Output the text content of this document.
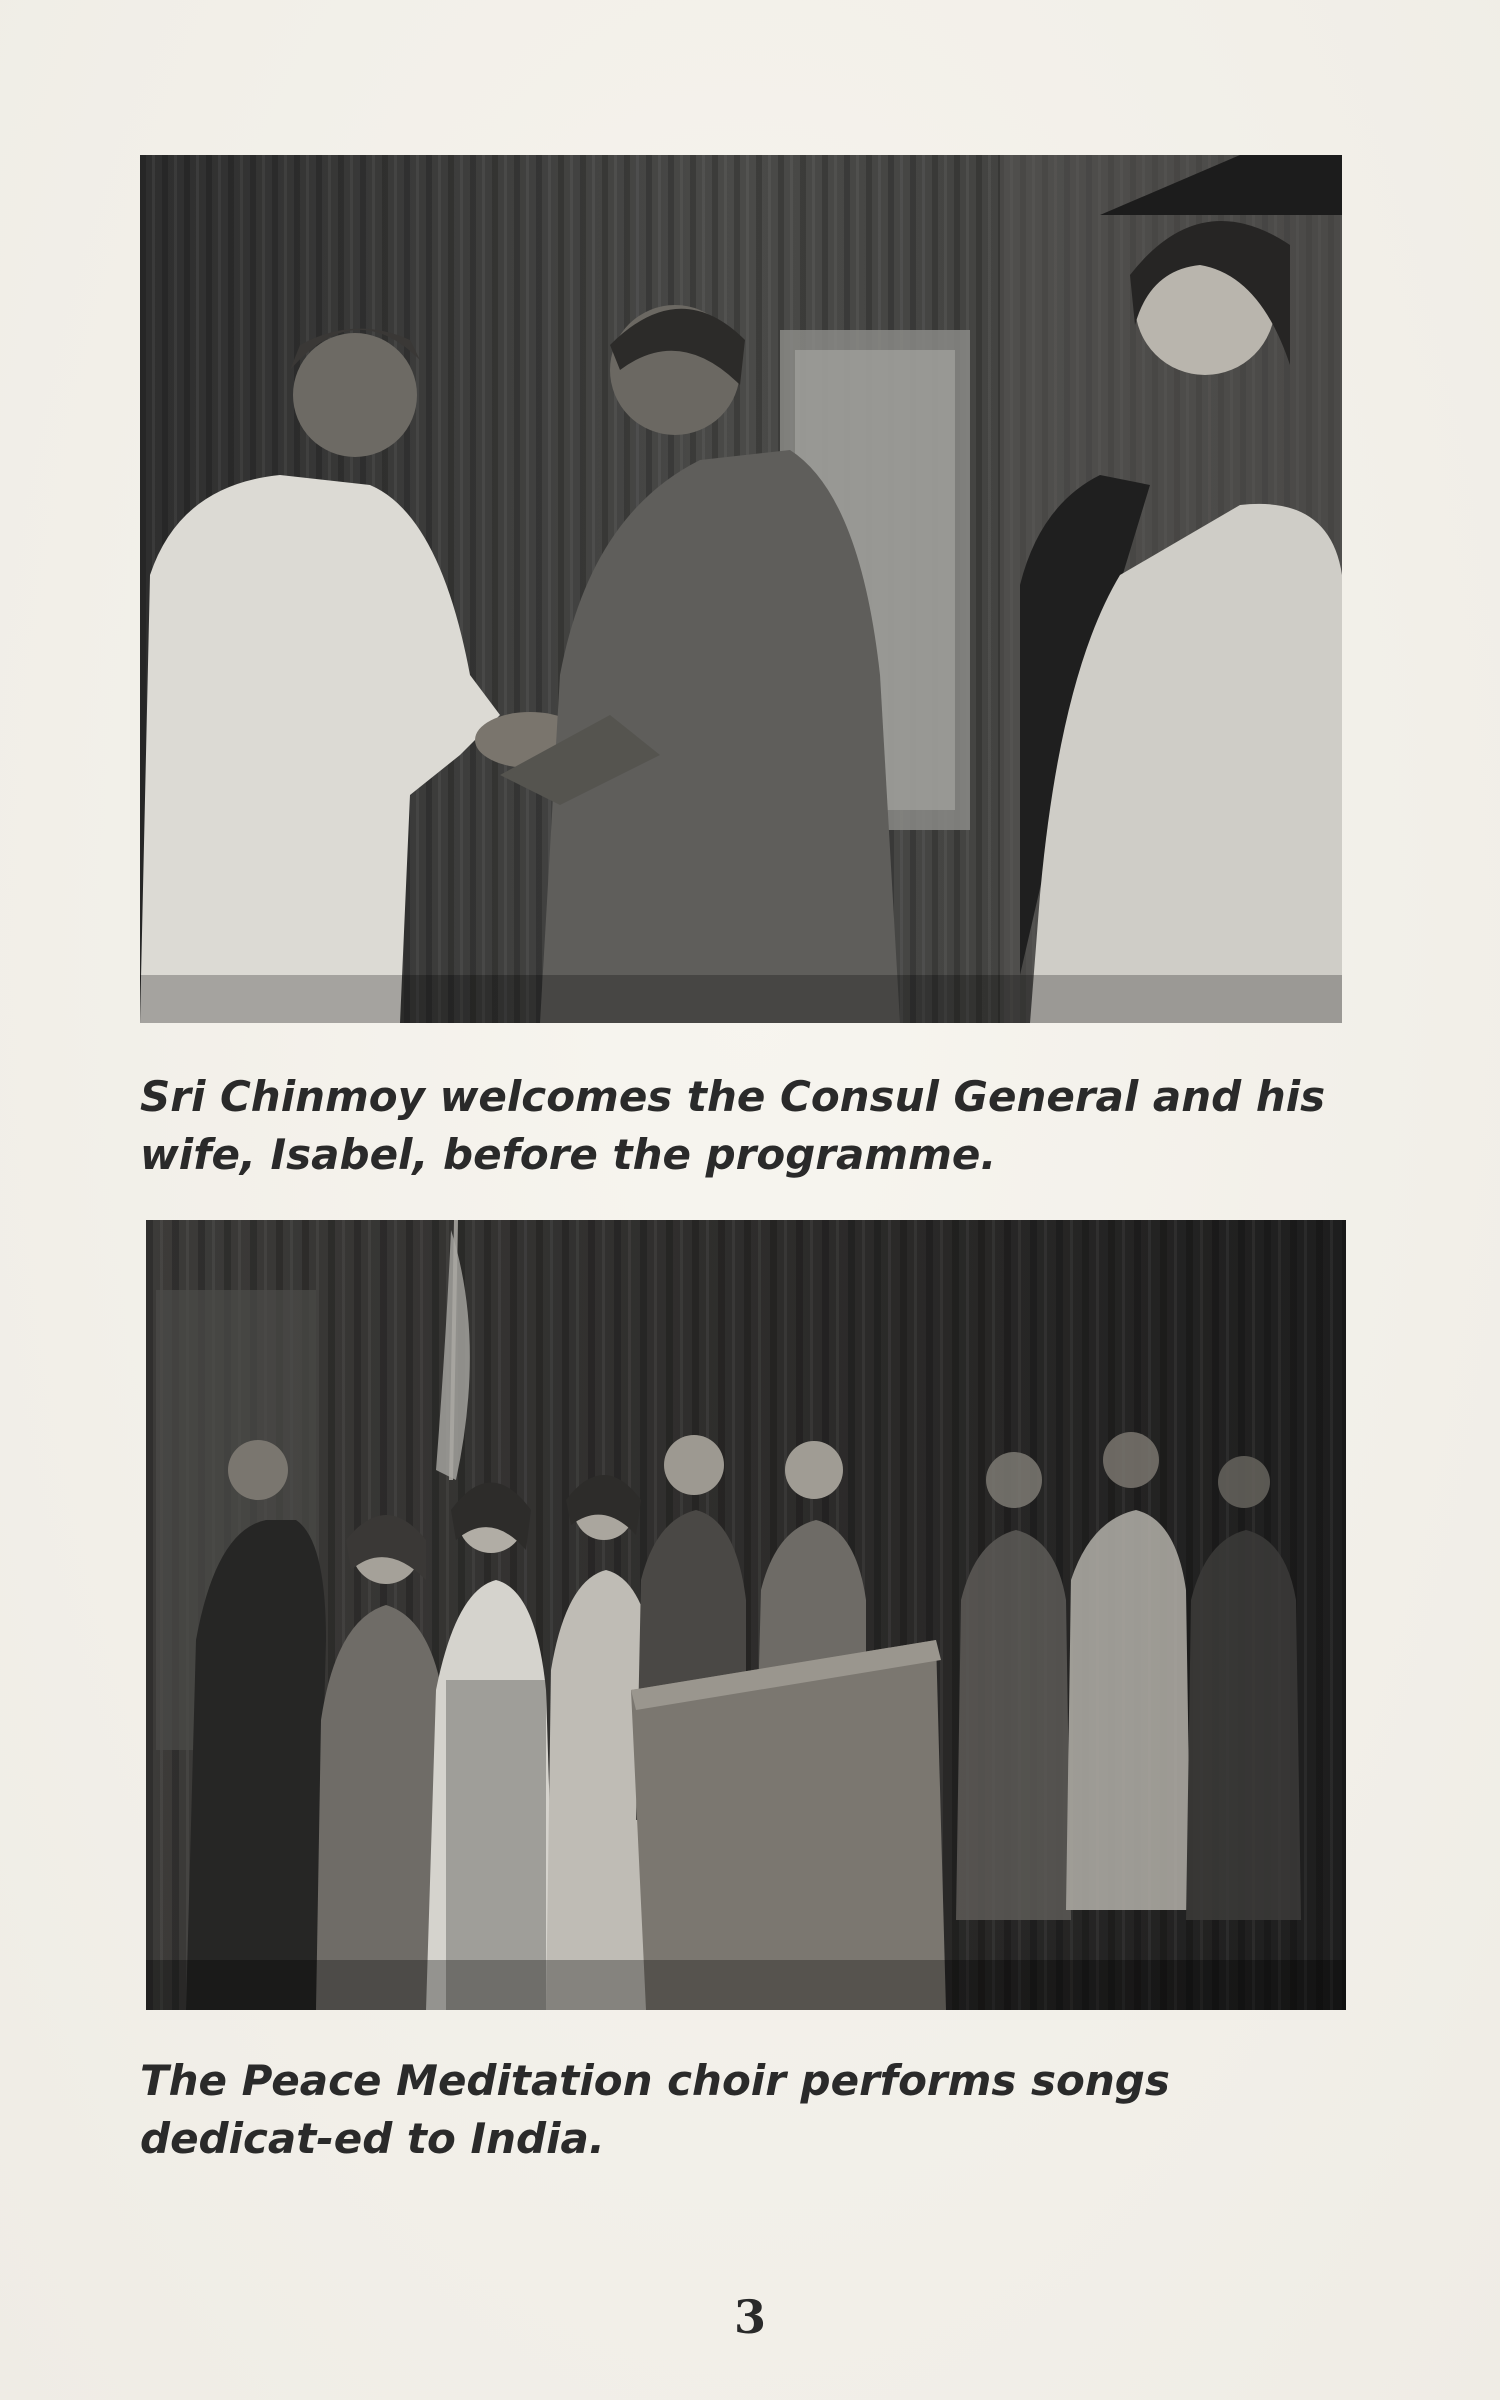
Sri Chinmoy welcomes the Consul General and his wife, Isabel, before the programme.

The Peace Meditation choir performs songs dedicat-ed to India.

3
